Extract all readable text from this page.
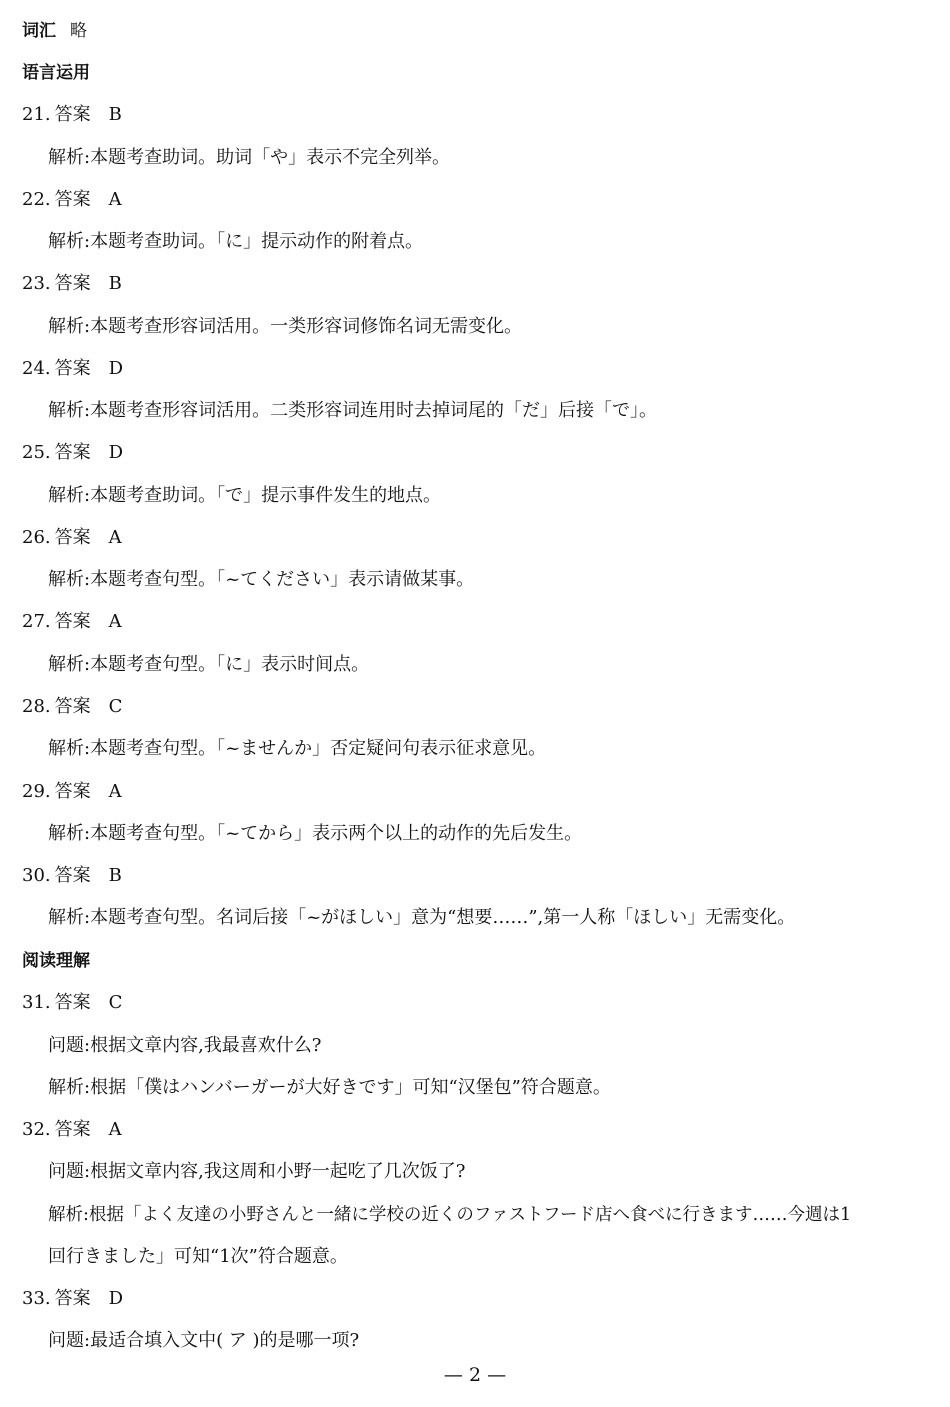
词汇 略
语言运用
21. 答案 B
解析:本题考查助词。助词「や」表示不完全列举。
22. 答案 A
解析:本题考查助词。「に」提示动作的附着点。
23. 答案 B
解析:本题考查形容词活用。一类形容词修饰名词无需变化。
24. 答案 D
解析:本题考查形容词活用。二类形容词连用时去掉词尾的「だ」后接「で」。
25. 答案 D
解析:本题考查助词。「で」提示事件发生的地点。
26. 答案 A
解析:本题考查句型。「~てください」表示请做某事。
27. 答案 A
解析:本题考查句型。「に」表示时间点。
28. 答案 C
解析:本题考查句型。「~ませんか」否定疑问句表示征求意见。
29. 答案 A
解析:本题考查句型。「~てから」表示两个以上的动作的先后发生。
30. 答案 B
解析:本题考查句型。名词后接「~がほしい」意为“想要……”,第一人称「ほしい」无需变化。
阅读理解
31. 答案 C
问题:根据文章内容,我最喜欢什么?
解析:根据「僕はハンバーガーが大好きです」可知“汉堡包”符合题意。
32. 答案 A
问题:根据文章内容,我这周和小野一起吃了几次饭了?
解析:根据「よく友達の小野さんと一緒に学校の近くのファストフード店へ食べに行きます……今週は1
回行きました」可知“1次”符合题意。
33. 答案 D
问题:最适合填入文中( ア )的是哪一项?
— 2 —
